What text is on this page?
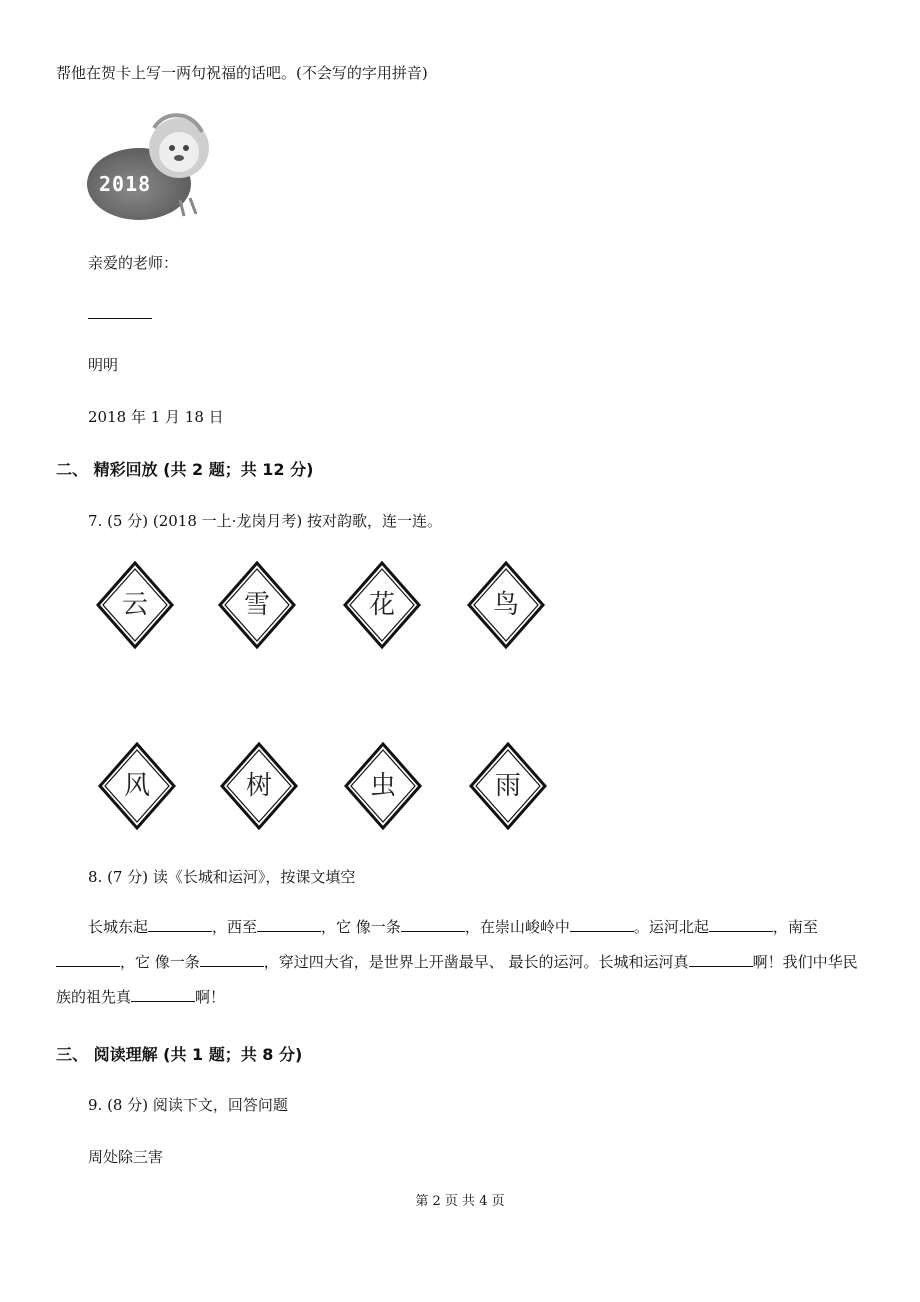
帮他在贺卡上写一两句祝福的话吧。(不会写的字用拼音)
2018
亲爱的老师：
明明
2018 年 1 月 18 日
二、 精彩回放 (共 2 题；共 12 分)
7. (5 分) (2018 一上·龙岗月考) 按对韵歌，连一连。
云	雪	花	鸟
风	树	虫	雨
8. (7 分) 读《长城和运河》，按课文填空
长城东起	，西至	，它 像一条	，在崇山峻岭中	。运河北起	，南至，它 像一条	，穿过四大省，是世界上开凿最早、 最长的运河。长城和运河真	啊！我们中华民族的祖先真	啊！
三、 阅读理解 (共 1 题；共 8 分)
9. (8 分) 阅读下文，回答问题
周处除三害
第 2 页 共 4 页
